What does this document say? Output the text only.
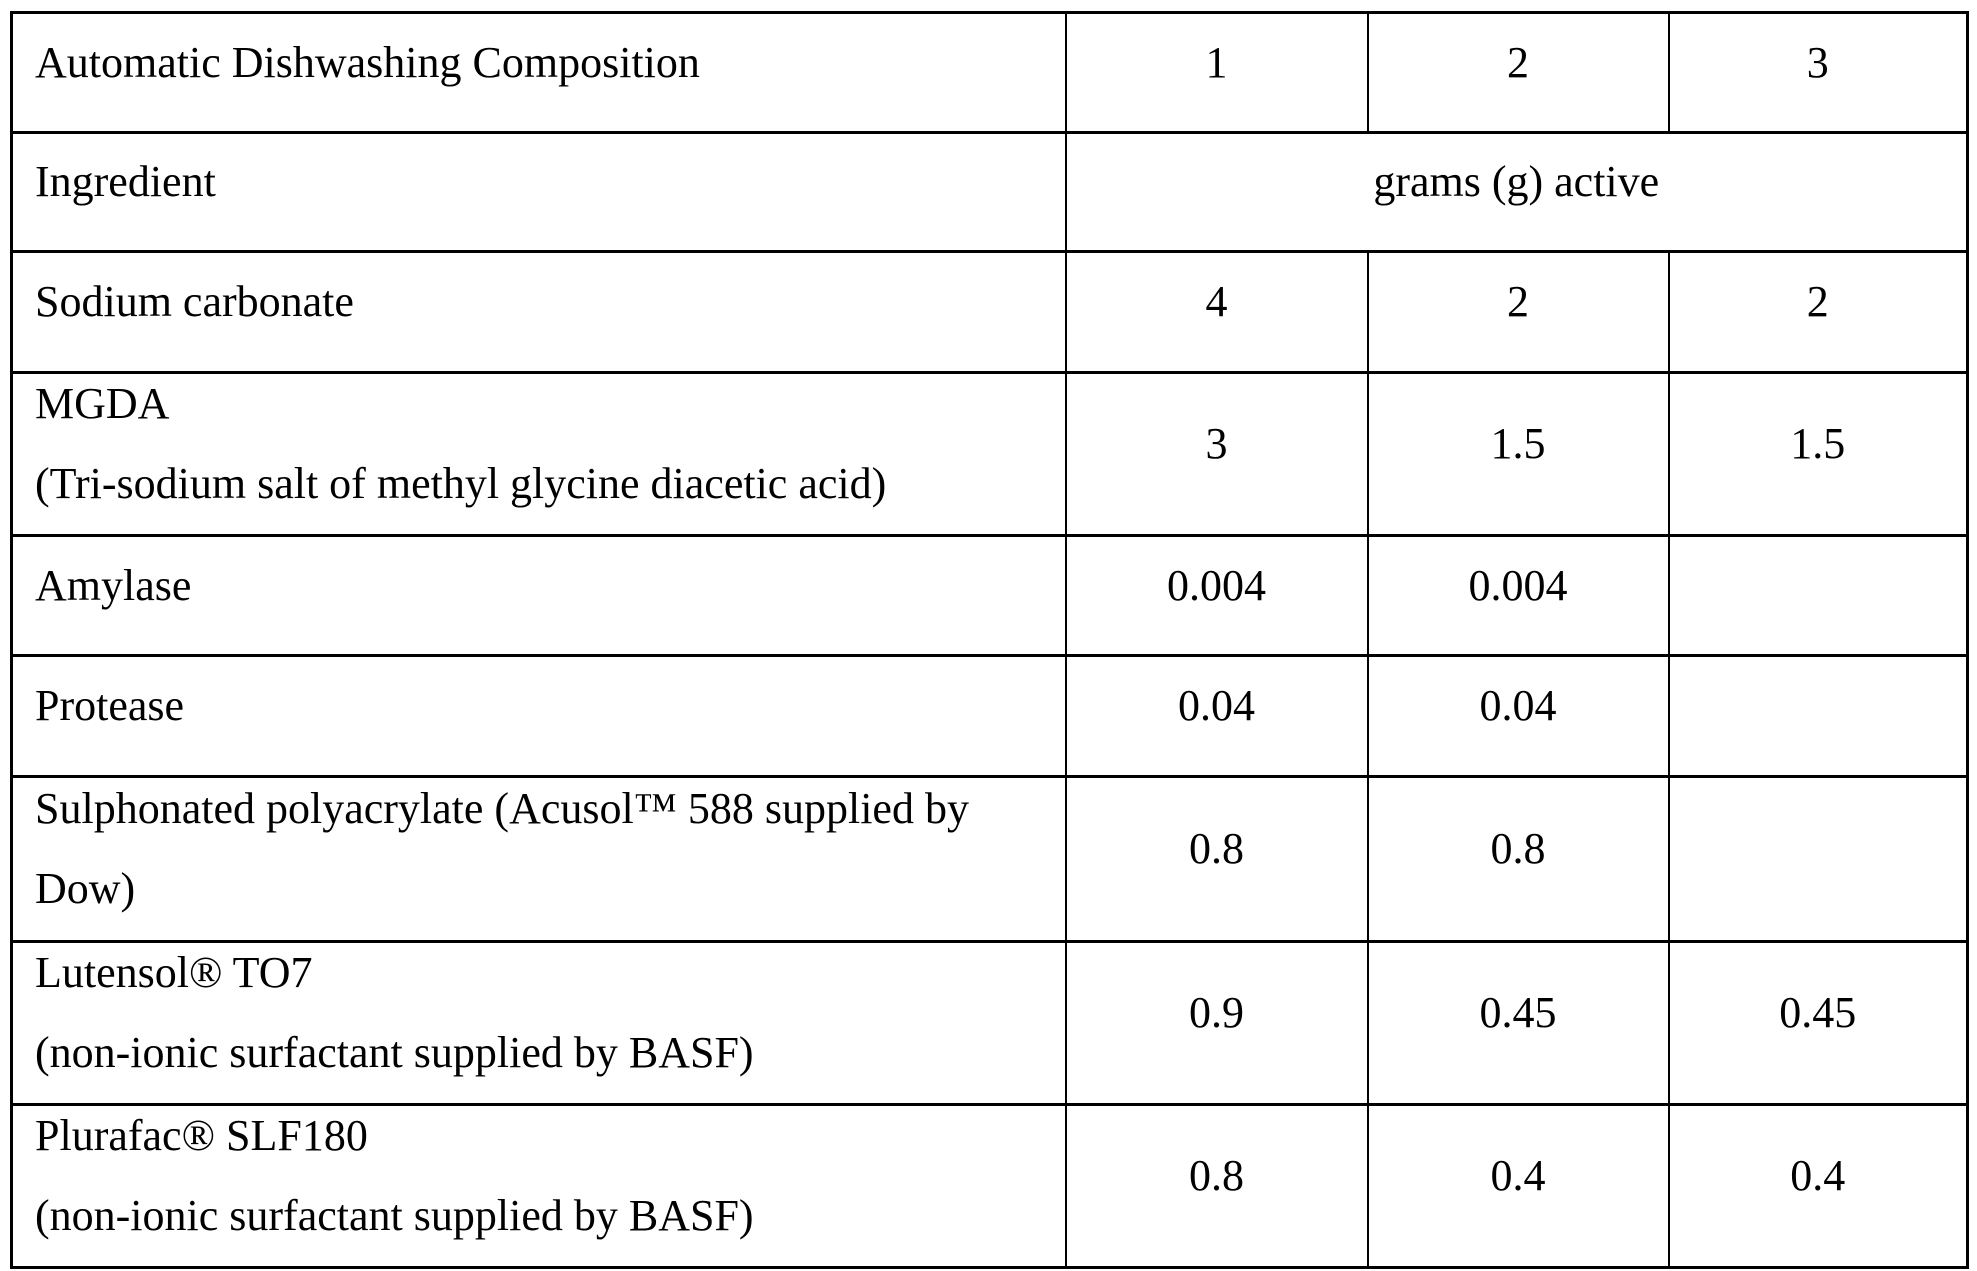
Automatic Dishwashing Composition	1	2	3

Ingredient	grams (g) active		

Sodium carbonate	4	2	2

MGDA
(Tri-sodium salt of methyl glycine diacetic acid)	3	1.5	1.5

Amylase	0.004	0.004	

Protease	0.04	0.04	

Sulphonated polyacrylate (Acusol™ 588 supplied by Dow)	0.8	0.8	

Lutensol® TO7
(non-ionic surfactant supplied by BASF)	0.9	0.45	0.45

Plurafac® SLF180
(non-ionic surfactant supplied by BASF)	0.8	0.4	0.4
